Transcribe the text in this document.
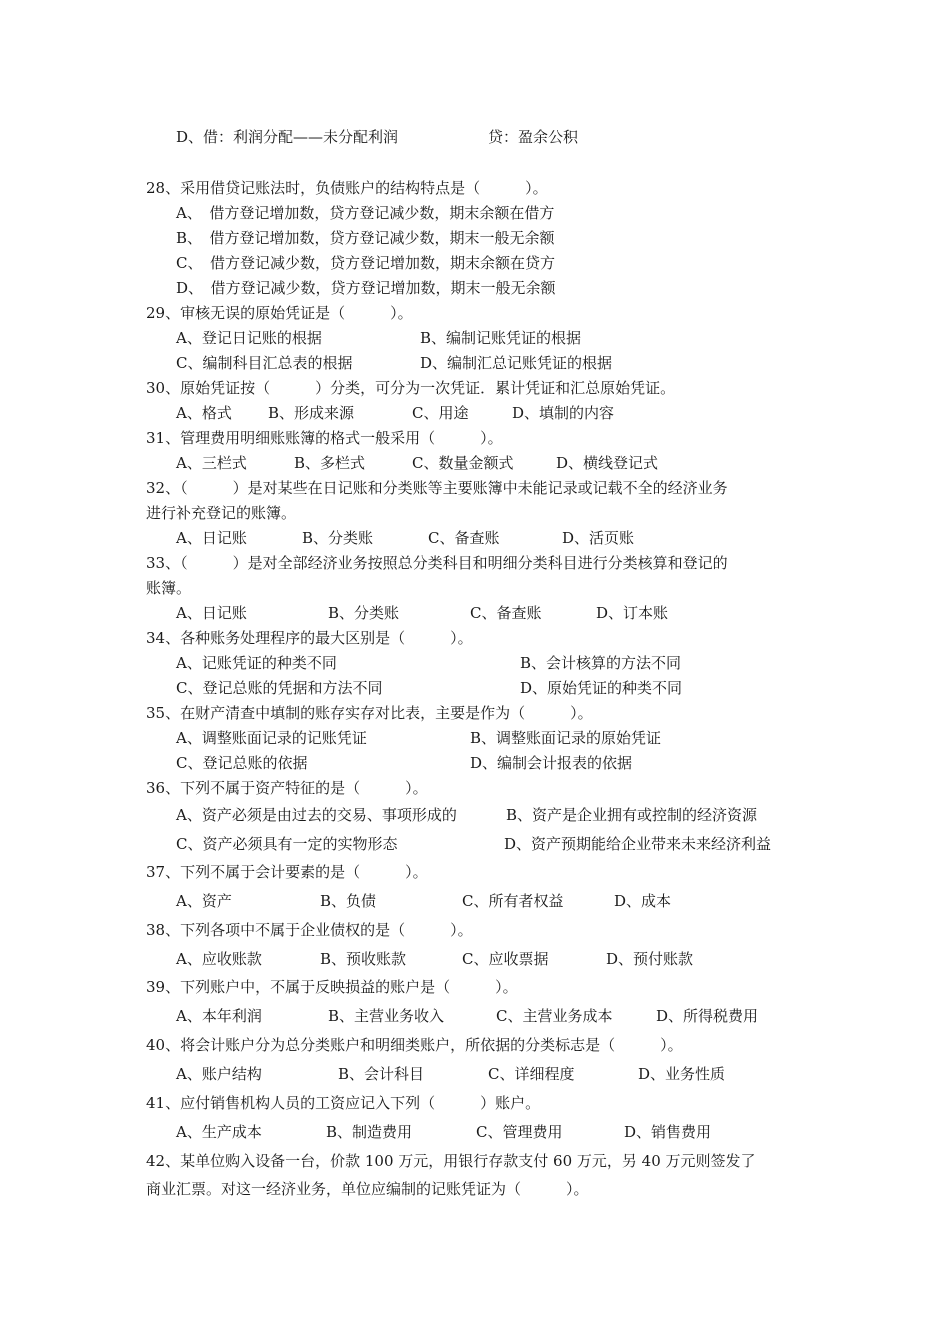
D、借：利润分配——未分配利润	贷：盈余公积
28、采用借贷记账法时，负债账户的结构特点是（　　　）。
A、　借方登记增加数，贷方登记减少数，期末余额在借方
B、　借方登记增加数，贷方登记减少数，期末一般无余额
C、　借方登记减少数，贷方登记增加数，期末余额在贷方
D、　借方登记减少数，贷方登记增加数，期末一般无余额
29、审核无误的原始凭证是（　　　）。
A、登记日记账的根据	B、编制记账凭证的根据
C、编制科目汇总表的根据	D、编制汇总记账凭证的根据
30、原始凭证按（　　　）分类，可分为一次凭证．累计凭证和汇总原始凭证。
A、格式 B、形成来源	C、用途	D、填制的内容
31、管理费用明细账账簿的格式一般采用（　　　）。
A、三栏式	B、多栏式	C、数量金额式	D、横线登记式
32、（　　　）是对某些在日记账和分类账等主要账簿中未能记录或记载不全的经济业务
进行补充登记的账簿。
A、日记账	B、分类账	C、备查账	D、活页账
33、（　　　）是对全部经济业务按照总分类科目和明细分类科目进行分类核算和登记的
账簿。
A、日记账	B、分类账	C、备查账	D、订本账
34、各种账务处理程序的最大区别是（　　　）。
A、记账凭证的种类不同	B、会计核算的方法不同
C、登记总账的凭据和方法不同	D、原始凭证的种类不同
35、在财产清查中填制的账存实存对比表，主要是作为（　　　）。
A、调整账面记录的记账凭证	B、调整账面记录的原始凭证
C、登记总账的依据	D、编制会计报表的依据
36、下列不属于资产特征的是（　　　）。
A、资产必须是由过去的交易、事项形成的	B、资产是企业拥有或控制的经济资源
C、资产必须具有一定的实物形态	D、资产预期能给企业带来未来经济利益
37、下列不属于会计要素的是（　　　）。
A、资产	B、负债	C、所有者权益	D、成本
38、下列各项中不属于企业债权的是（　　　）。
A、应收账款	B、预收账款	C、应收票据	D、预付账款
39、下列账户中，不属于反映损益的账户是（　　　）。
A、本年利润	B、主营业务收入	C、主营业务成本	D、所得税费用
40、将会计账户分为总分类账户和明细类账户，所依据的分类标志是（　　　）。
A、账户结构	B、会计科目	C、详细程度	D、业务性质
41、应付销售机构人员的工资应记入下列（　　　）账户。
A、生产成本	B、制造费用	C、管理费用	D、销售费用
42、某单位购入设备一台，价款 100 万元，用银行存款支付 60 万元，另 40 万元则签发了
商业汇票。对这一经济业务，单位应编制的记账凭证为（　　　）。
